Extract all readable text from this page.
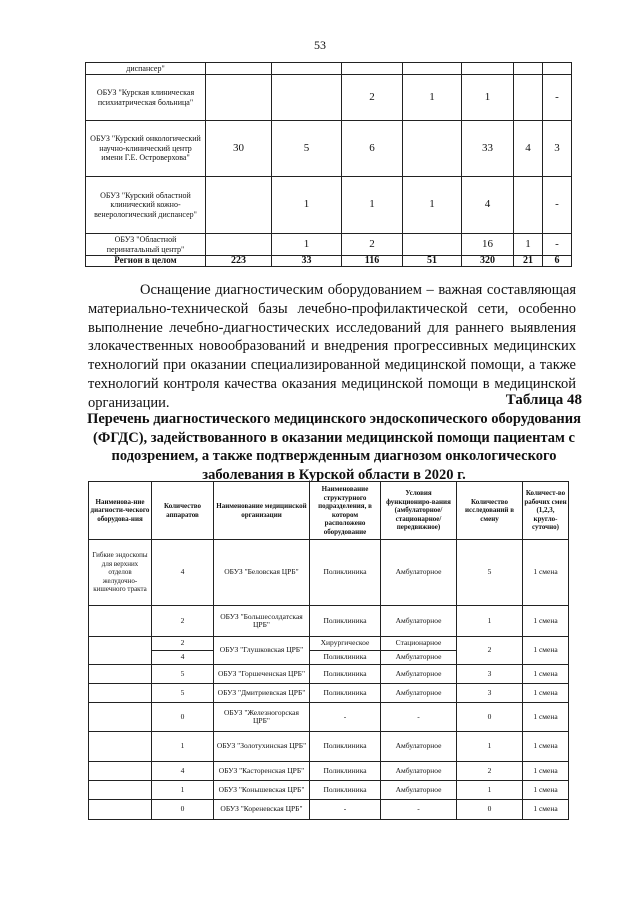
53
диспансер"							
ОБУЗ "Курская клиническая психиатрическая больница"			2	1	1		-
ОБУЗ "Курский онкологический научно-клинический центр имени Г.Е. Островерхова"	30	5	6		33	4	3
ОБУЗ "Курский областной клинический кожно-венерологический диспансер"		1	1	1	4		-
ОБУЗ "Областной перинатальный центр"		1	2		16	1	-
Регион в целом	223	33	116	51	320	21	6
Оснащение диагностическим оборудованием – важная составляющая материально-технической базы лечебно-профилактической сети, особенно выполнение лечебно-диагностических исследований для раннего выявления злокачественных новообразований и внедрения прогрессивных медицинских технологий при оказании специализированной медицинской помощи, а также технологий контроля качества оказания медицинской помощи в медицинской организации.	Таблица 48
Перечень диагностического медицинского эндоскопического оборудования (ФГДС), задействованного в оказании медицинской помощи пациентам с подозрением, а также подтвержденным диагнозом онкологического заболевания в Курской области в 2020 г.
Наименова-ние диагности-ческого оборудова-ния	Количество аппаратов	Наименование медицинской организации	Наименование структурного подразделения, в котором расположено оборудование	Условия функциониро-вания (амбулаторное/ стационарное/ передвижное)	Количество исследований в смену	Количест-во рабочих смен (1,2,3, кругло-суточно)
Гибкие эндоскопы для верхних отделов желудочно-кишечного тракта	4	ОБУЗ "Беловская ЦРБ"	Поликлиника	Амбулаторное	5	1 смена
	2	ОБУЗ "Большесолдатская ЦРБ"	Поликлиника	Амбулаторное	1	1 смена
	2	ОБУЗ "Глушковская ЦРБ"	Хирургическое	Стационарное	2	1 смена
	4		Поликлиника	Амбулаторное		
	5	ОБУЗ "Горшеченская ЦРБ"	Поликлиника	Амбулаторное	3	1 смена
	5	ОБУЗ "Дмитриевская ЦРБ"	Поликлиника	Амбулаторное	3	1 смена
	0	ОБУЗ "Железногорская ЦРБ"	-	-	0	1 смена
	1	ОБУЗ "Золотухинская ЦРБ"	Поликлиника	Амбулаторное	1	1 смена
	4	ОБУЗ "Касторенская ЦРБ"	Поликлиника	Амбулаторное	2	1 смена
	1	ОБУЗ "Конышевская ЦРБ"	Поликлиника	Амбулаторное	1	1 смена
	0	ОБУЗ "Кореневская ЦРБ"	-	-	0	1 смена
